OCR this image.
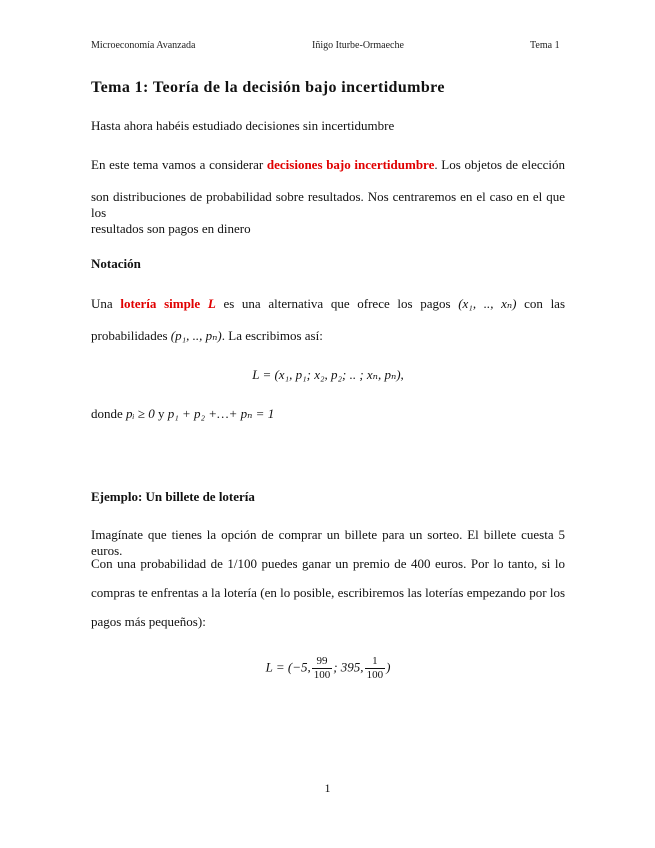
Microeconomía Avanzada	Iñigo Iturbe-Ormaeche	Tema 1
Tema 1: Teoría de la decisión bajo incertidumbre
Hasta ahora habéis estudiado decisiones sin incertidumbre
En este tema vamos a considerar decisiones bajo incertidumbre. Los objetos de elección
son distribuciones de probabilidad sobre resultados. Nos centraremos en el caso en el que los
resultados son pagos en dinero
Notación
Una lotería simple L es una alternativa que ofrece los pagos (x₁, .., xₙ) con las
probabilidades (p₁, .., pₙ). La escribimos así:
L = (x₁, p₁; x₂, p₂; .. ; xₙ, pₙ),
donde pᵢ ≥ 0 y p₁ + p₂ +…+ pₙ = 1
Ejemplo: Un billete de lotería
Imagínate que tienes la opción de comprar un billete para un sorteo. El billete cuesta 5 euros.
Con una probabilidad de 1/100 puedes ganar un premio de 400 euros. Por lo tanto, si lo
compras te enfrentas a la lotería (en lo posible, escribiremos las loterías empezando por los
pagos más pequeños):
L = (−5, $\frac{99}{100}$ ; 395, $\frac{1}{100}$ )
1
